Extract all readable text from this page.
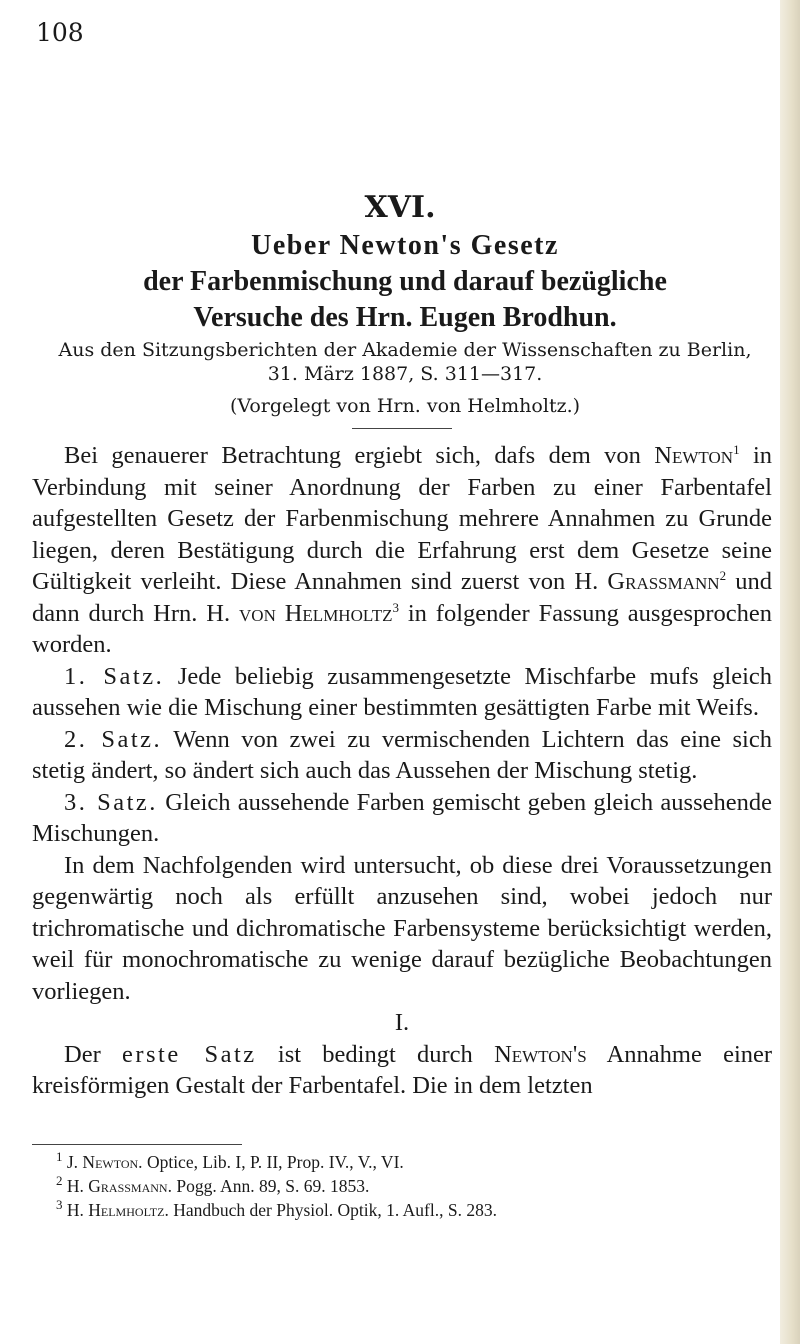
108
XVI.
Ueber Newton's Gesetz
der Farbenmischung und darauf bezügliche
Versuche des Hrn. Eugen Brodhun.
Aus den Sitzungsberichten der Akademie der Wissenschaften zu Berlin,
31. März 1887, S. 311—317.
(Vorgelegt von Hrn. von Helmholtz.)

Bei genauerer Betrachtung ergiebt sich, dafs dem von Newton$^1$ in Verbindung mit seiner Anordnung der Farben zu einer Farbentafel aufgestellten Gesetz der Farbenmischung mehrere Annahmen zu Grunde liegen, deren Bestätigung durch die Erfahrung erst dem Gesetze seine Gültigkeit verleiht. Diese Annahmen sind zuerst von H. Grassmann$^2$ und dann durch Hrn. H. von Helmholtz$^3$ in folgender Fassung ausgesprochen worden.

1. Satz. Jede beliebig zusammengesetzte Mischfarbe mufs gleich aussehen wie die Mischung einer bestimmten gesättigten Farbe mit Weifs.

2. Satz. Wenn von zwei zu vermischenden Lichtern das eine sich stetig ändert, so ändert sich auch das Aussehen der Mischung stetig.

3. Satz. Gleich aussehende Farben gemischt geben gleich aussehende Mischungen.

In dem Nachfolgenden wird untersucht, ob diese drei Voraussetzungen gegenwärtig noch als erfüllt anzusehen sind, wobei jedoch nur trichromatische und dichromatische Farbensysteme berücksichtigt werden, weil für monochromatische zu wenige darauf bezügliche Beobachtungen vorliegen.

I.

Der erste Satz ist bedingt durch Newton's Annahme einer kreisförmigen Gestalt der Farbentafel. Die in dem letzten

$^1$ J. Newton. Optice, Lib. I, P. II, Prop. IV., V., VI.
$^2$ H. Grassmann. Pogg. Ann. 89, S. 69. 1853.
$^3$ H. Helmholtz. Handbuch der Physiol. Optik, 1. Aufl., S. 283.
